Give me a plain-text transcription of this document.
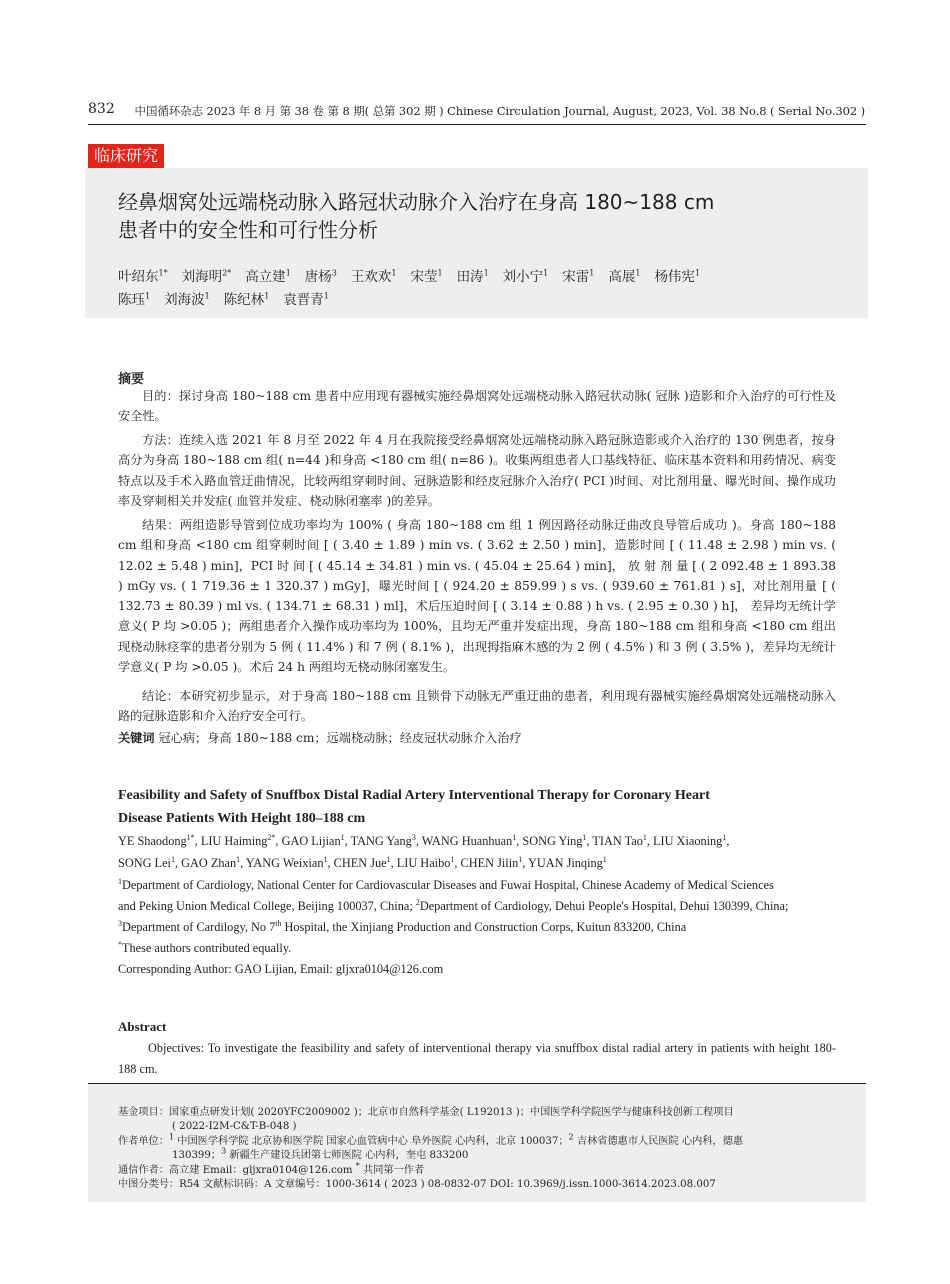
832 中国循环杂志 2023 年 8 月 第 38 卷 第 8 期( 总第 302 期 ) Chinese Circulation Journal, August, 2023, Vol. 38 No.8 ( Serial No.302 )
临床研究
经鼻烟窝处远端桡动脉入路冠状动脉介入治疗在身高 180~188 cm
患者中的安全性和可行性分析
叶绍东$^{1*}$ 刘海明$^{2*}$ 高立建$^1$ 唐杨$^3$ 王欢欢$^1$ 宋莹$^1$ 田涛$^1$ 刘小宁$^1$ 宋雷$^1$ 高展$^1$ 杨伟宪$^1$
陈珏$^1$ 刘海波$^1$ 陈纪林$^1$ 袁晋青$^1$
摘要
目的：探讨身高 180~188 cm 患者中应用现有器械实施经鼻烟窝处远端桡动脉入路冠状动脉( 冠脉 )造影和介入治疗的可行性及安全性。
方法：连续入选 2021 年 8 月至 2022 年 4 月在我院接受经鼻烟窝处远端桡动脉入路冠脉造影或介入治疗的 130 例患者，按身高分为身高 180~188 cm 组( n=44 )和身高 <180 cm 组( n=86 )。收集两组患者人口基线特征、临床基本资料和用药情况、病变特点以及手术入路血管迂曲情况，比较两组穿刺时间、冠脉造影和经皮冠脉介入治疗( PCI )时间、对比剂用量、曝光时间、操作成功率及穿刺相关并发症( 血管并发症、桡动脉闭塞率 )的差异。
结果：两组造影导管到位成功率均为 100% ( 身高 180~188 cm 组 1 例因路径动脉迂曲改良导管后成功 )。身高 180~188 cm 组和身高 <180 cm 组穿刺时间 [ ( 3.40 ± 1.89 ) min vs. ( 3.62 ± 2.50 ) min]，造影时间 [ ( 11.48 ± 2.98 ) min vs. ( 12.02 ± 5.48 ) min]，PCI 时 间 [ ( 45.14 ± 34.81 ) min vs. ( 45.04 ± 25.64 ) min]， 放 射 剂 量 [ ( 2 092.48 ± 1 893.38 ) mGy vs. ( 1 719.36 ± 1 320.37 ) mGy]，曝光时间 [ ( 924.20 ± 859.99 ) s vs. ( 939.60 ± 761.81 ) s]，对比剂用量 [ ( 132.73 ± 80.39 ) ml vs. ( 134.71 ± 68.31 ) ml]，术后压迫时间 [ ( 3.14 ± 0.88 ) h vs. ( 2.95 ± 0.30 ) h]， 差异均无统计学意义( P 均 >0.05 )；两组患者介入操作成功率均为 100%，且均无严重并发症出现，身高 180~188 cm 组和身高 <180 cm 组出现桡动脉痉挛的患者分别为 5 例 ( 11.4% ) 和 7 例 ( 8.1% )，出现拇指麻木感的为 2 例 ( 4.5% ) 和 3 例 ( 3.5% )，差异均无统计学意义( P 均 >0.05 )。术后 24 h 两组均无桡动脉闭塞发生。
结论：本研究初步显示，对于身高 180~188 cm 且锁骨下动脉无严重迂曲的患者，利用现有器械实施经鼻烟窝处远端桡动脉入路的冠脉造影和介入治疗安全可行。
关键词 冠心病；身高 180~188 cm；远端桡动脉；经皮冠状动脉介入治疗
Feasibility and Safety of Snuffbox Distal Radial Artery Interventional Therapy for Coronary Heart
Disease Patients With Height 180–188 cm
YE Shaodong$^{1*}$, LIU Haiming$^{2*}$, GAO Lijian$^1$, TANG Yang$^3$, WANG Huanhuan$^1$, SONG Ying$^1$, TIAN Tao$^1$, LIU Xiaoning$^1$,
SONG Lei$^1$, GAO Zhan$^1$, YANG Weixian$^1$, CHEN Jue$^1$, LIU Haibo$^1$, CHEN Jilin$^1$, YUAN Jinqing$^1$
$^1$Department of Cardiology, National Center for Cardiovascular Diseases and Fuwai Hospital, Chinese Academy of Medical Sciences
and Peking Union Medical College, Beijing 100037, China; $^2$Department of Cardiology, Dehui People's Hospital, Dehui 130399, China;
$^3$Department of Cardilogy, No 7th Hospital, the Xinjiang Production and Construction Corps, Kuitun 833200, China
*These authors contributed equally.
Corresponding Author: GAO Lijian, Email: gljxra0104@126.com
Abstract
Objectives: To investigate the feasibility and safety of interventional therapy via snuffbox distal radial artery in patients with height 180-188 cm.
基金项目：国家重点研发计划( 2020YFC2009002 )；北京市自然科学基金( L192013 )；中国医学科学院医学与健康科技创新工程项目
( 2022-I2M-C&T-B-048 )
作者单位：$^1$ 中国医学科学院 北京协和医学院 国家心血管病中心 阜外医院 心内科，北京 100037；$^2$ 吉林省德惠市人民医院 心内科，德惠
130399；$^3$ 新疆生产建设兵团第七师医院 心内科，奎屯 833200
通信作者：高立建 Email：gljxra0104@126.com * 共同第一作者
中图分类号：R54 文献标识码：A 文章编号：1000-3614 ( 2023 ) 08-0832-07 DOI: 10.3969/j.issn.1000-3614.2023.08.007
